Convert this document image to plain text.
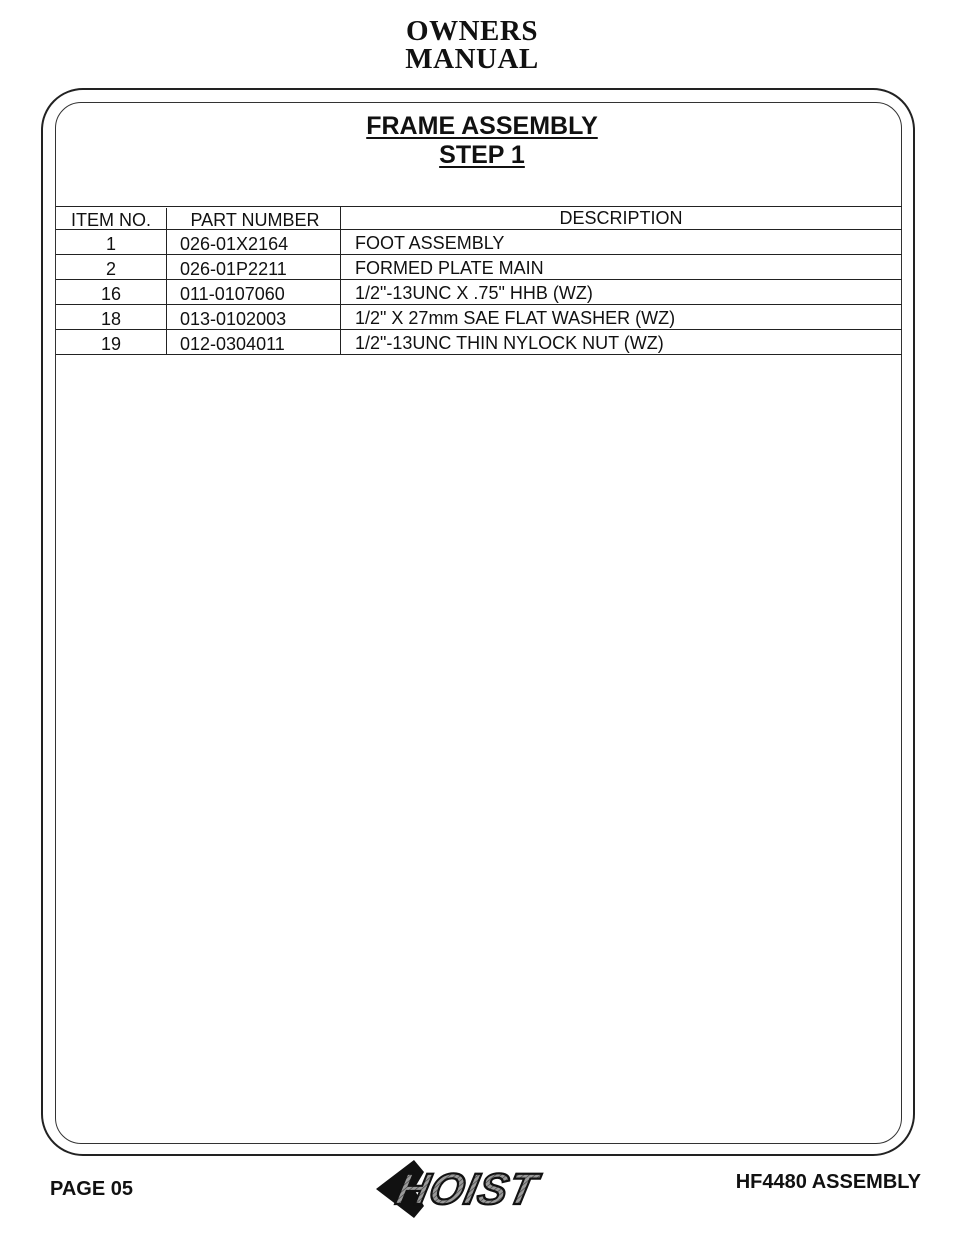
OWNERS
MANUAL
FRAME ASSEMBLY
STEP 1
ITEM NO.	PART NUMBER	DESCRIPTION
1	026-01X2164	FOOT ASSEMBLY
2	026-01P2211	FORMED PLATE MAIN
16	011-0107060	1/2"-13UNC X .75" HHB (WZ)
18	013-0102003	1/2" X 27mm SAE FLAT WASHER (WZ)
19	012-0304011	1/2"-13UNC THIN NYLOCK NUT (WZ)
PAGE 05	HOIST	HF4480 ASSEMBLY
